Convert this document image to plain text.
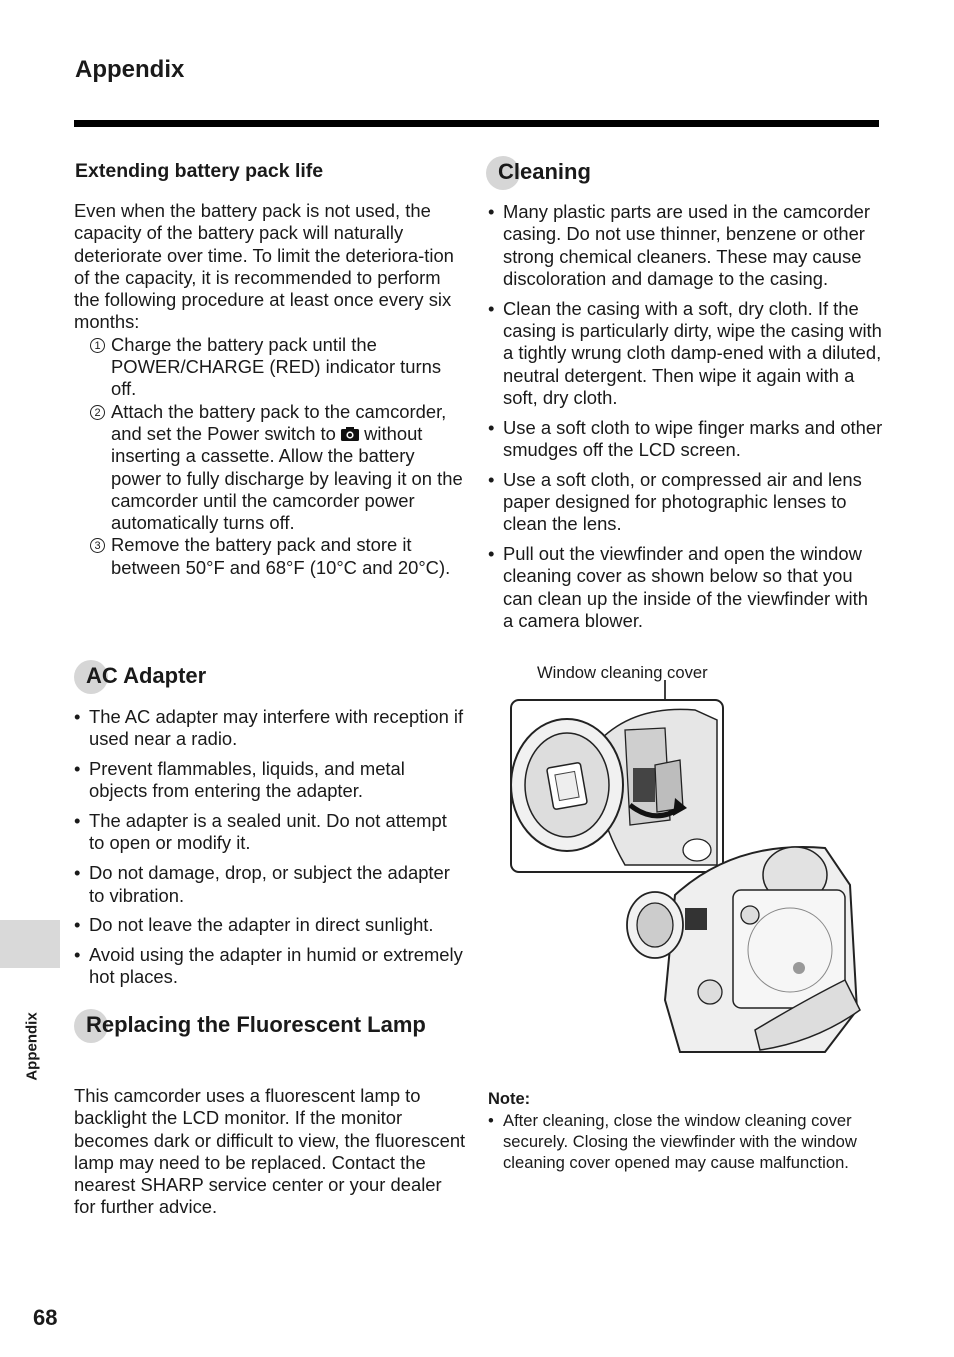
Appendix
Extending battery pack life
Even when the battery pack is not used, the capacity of the battery pack will naturally deteriorate over time. To limit the deteriora-tion of the capacity, it is recommended to perform the following procedure at least once every six months:
1 Charge the battery pack until the POWER/CHARGE (RED) indicator turns off.
2 Attach the battery pack to the camcorder, and set the Power switch to without inserting a cassette. Allow the battery power to fully discharge by leaving it on the camcorder until the camcorder power automatically turns off.
3 Remove the battery pack and store it between 50°F and 68°F (10°C and 20°C).
AC Adapter
• The AC adapter may interfere with reception if used near a radio.
• Prevent flammables, liquids, and metal objects from entering the adapter.
• The adapter is a sealed unit. Do not attempt to open or modify it.
• Do not damage, drop, or subject the adapter to vibration.
• Do not leave the adapter in direct sunlight.
• Avoid using the adapter in humid or extremely hot places.
Replacing the Fluorescent Lamp
This camcorder uses a fluorescent lamp to backlight the LCD monitor. If the monitor becomes dark or difficult to view, the fluorescent lamp may need to be replaced. Contact the nearest SHARP service center or your dealer for further advice.
Cleaning
• Many plastic parts are used in the camcorder casing. Do not use thinner, benzene or other strong chemical cleaners. These may cause discoloration and damage to the casing.
• Clean the casing with a soft, dry cloth. If the casing is particularly dirty, wipe the casing with a tightly wrung cloth damp-ened with a diluted, neutral detergent. Then wipe it again with a soft, dry cloth.
• Use a soft cloth to wipe finger marks and other smudges off the LCD screen.
• Use a soft cloth, or compressed air and lens paper designed for photographic lenses to clean the lens.
• Pull out the viewfinder and open the window cleaning cover as shown below so that you can clean up the inside of the viewfinder with a camera blower.
Window cleaning cover
Note:
• After cleaning, close the window cleaning cover securely. Closing the viewfinder with the window cleaning cover opened may cause malfunction.
Appendix
68
